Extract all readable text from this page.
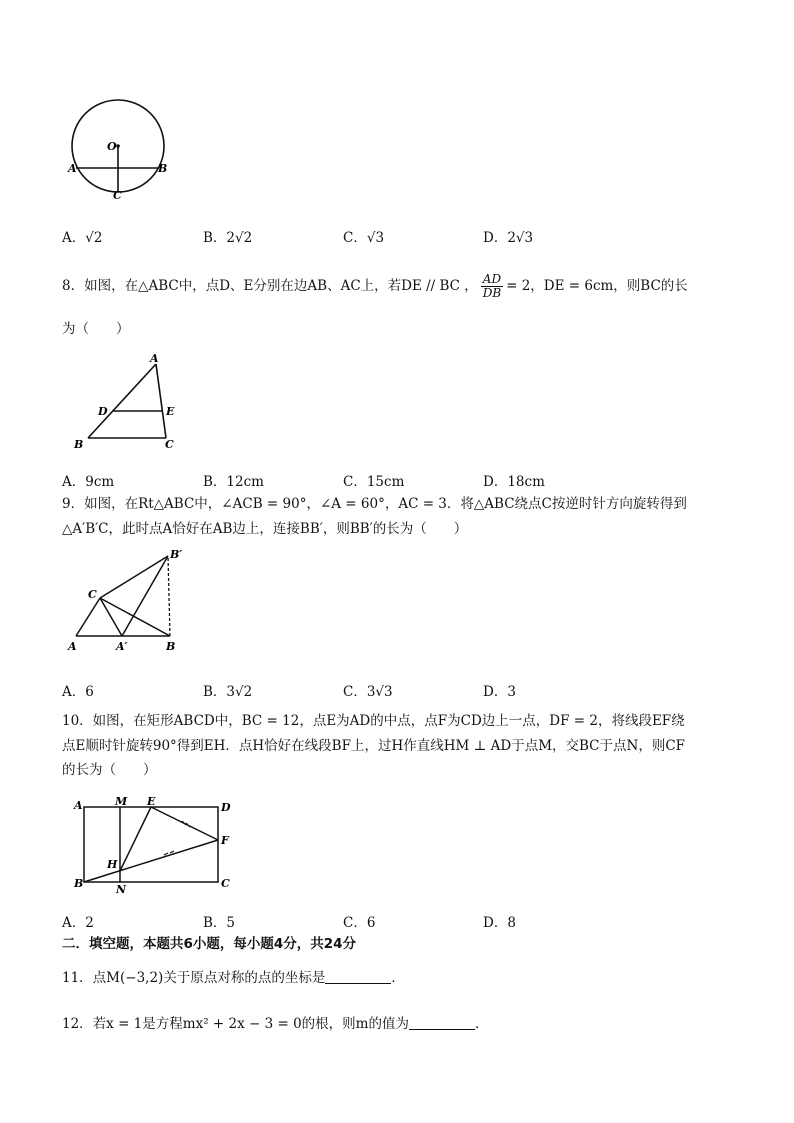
O
A	B
C
A．√2	B．2√2	C．√3	D．2√3
8．如图，在△ABC中，点D、E分别在边AB、AC上，若DE // BC ， $\frac{AD}{DB} = 2$，DE = 6cm，则BC的长
为（　　）
A
D	E
B	C
A．9cm	B．12cm	C．15cm	D．18cm
9．如图，在Rt△ABC中，∠ACB = 90°，∠A = 60°，AC = 3．将△ABC绕点C按逆时针方向旋转得到
△A′B′C，此时点A恰好在AB边上，连接BB′，则BB′的长为（　　）
B′
C
A	A′	B
A．6	B．3√2	C．3√3	D．3
10．如图，在矩形ABCD中，BC = 12，点E为AD的中点，点F为CD边上一点，DF = 2，将线段EF绕
点E顺时针旋转90°得到EH．点H恰好在线段BF上，过H作直线HM ⊥ AD于点M，交BC于点N，则CF
的长为（　　）
A	M E	D
F
H
B	N	C
A．2	B．5	C．6	D．8
二．填空题，本题共6小题，每小题4分，共24分
11．点M(−3,2)关于原点对称的点的坐标是	．
12．若x = 1是方程mx² + 2x − 3 = 0的根，则m的值为	．
